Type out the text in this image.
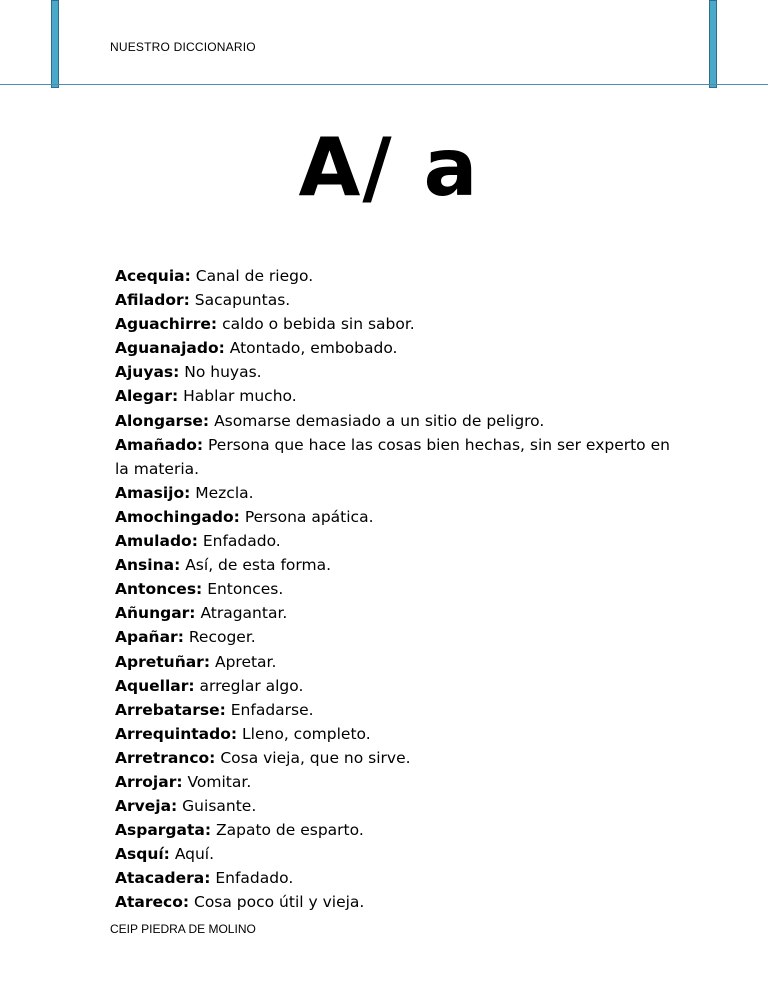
NUESTRO DICCIONARIO
A/ a
Acequia: Canal de riego.
Afilador: Sacapuntas.
Aguachirre: caldo o bebida sin sabor.
Aguanajado: Atontado, embobado.
Ajuyas: No huyas.
Alegar: Hablar mucho.
Alongarse: Asomarse demasiado a un sitio de peligro.
Amañado: Persona que hace las cosas bien hechas, sin ser experto en la materia.
Amasijo: Mezcla.
Amochingado: Persona apática.
Amulado: Enfadado.
Ansina: Así, de esta forma.
Antonces: Entonces.
Añungar: Atragantar.
Apañar: Recoger.
Apretuñar: Apretar.
Aquellar: arreglar algo.
Arrebatarse: Enfadarse.
Arrequintado: Lleno, completo.
Arretranco: Cosa vieja, que no sirve.
Arrojar: Vomitar.
Arveja: Guisante.
Aspargata: Zapato de esparto.
Asquí: Aquí.
Atacadera: Enfadado.
Atareco: Cosa poco útil y vieja.
CEIP PIEDRA DE MOLINO
